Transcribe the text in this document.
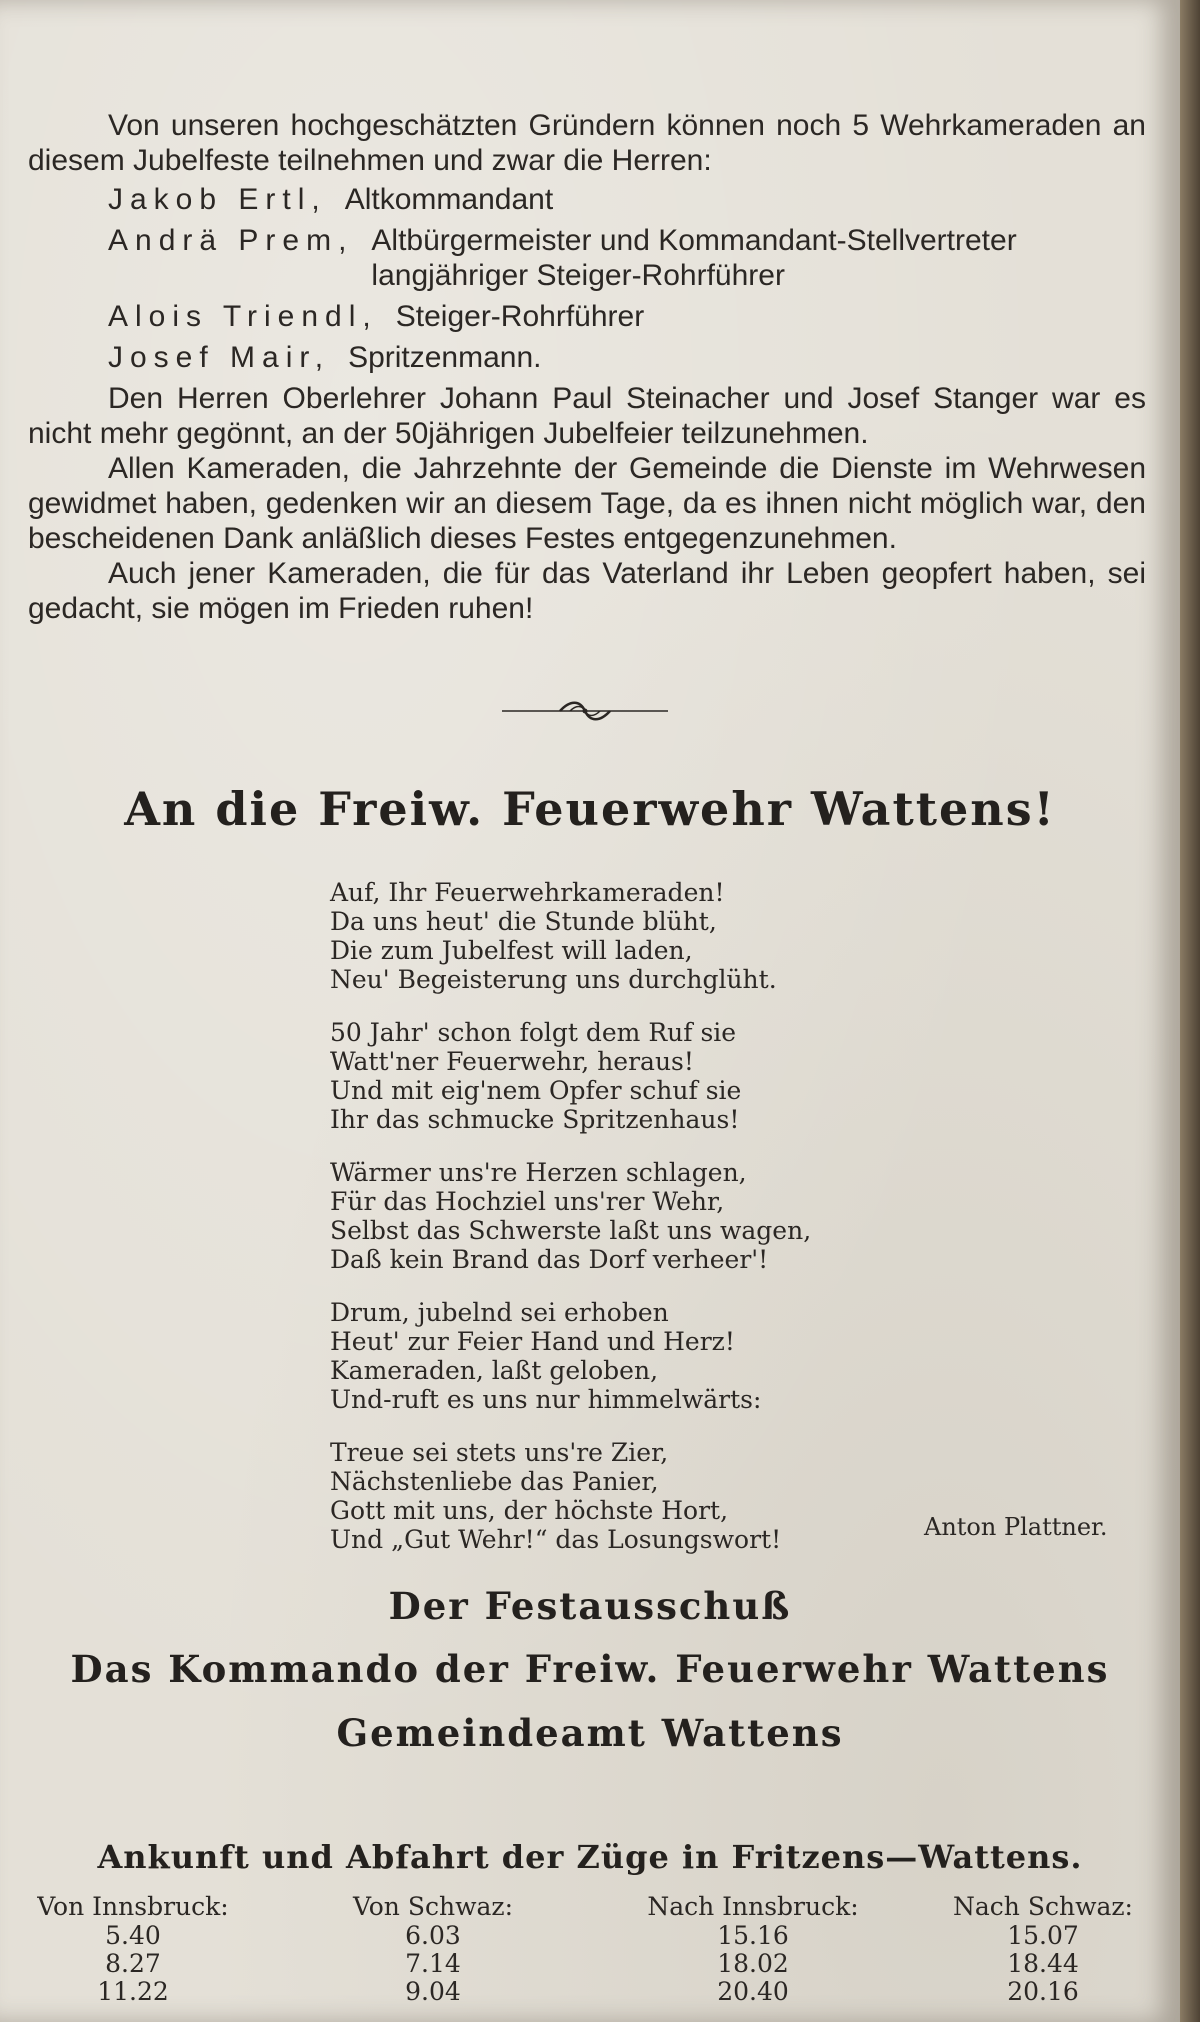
Von unseren hochgeschätzten Gründern können noch 5 Wehrkameraden an diesem Jubelfeste teilnehmen und zwar die Herren:

Jakob Ertl, Altkommandant
Andrä Prem, Altbürgermeister und Kommandant-Stellvertreter langjähriger Steiger-Rohrführer
Alois Triendl, Steiger-Rohrführer
Josef Mair, Spritzenmann.

Den Herren Oberlehrer Johann Paul Steinacher und Josef Stanger war es nicht mehr gegönnt, an der 50jährigen Jubelfeier teilzunehmen.

Allen Kameraden, die Jahrzehnte der Gemeinde die Dienste im Wehrwesen gewidmet haben, gedenken wir an diesem Tage, da es ihnen nicht möglich war, den bescheidenen Dank anläßlich dieses Festes entgegenzunehmen.

Auch jener Kameraden, die für das Vaterland ihr Leben geopfert haben, sei gedacht, sie mögen im Frieden ruhen!

An die Freiw. Feuerwehr Wattens!
Auf, Ihr Feuerwehrkameraden!
Da uns heut' die Stunde blüht,
Die zum Jubelfest will laden,
Neu' Begeisterung uns durchglüht.
50 Jahr' schon folgt dem Ruf sie
Watt'ner Feuerwehr, heraus!
Und mit eig'nem Opfer schuf sie
Ihr das schmucke Spritzenhaus!
Wärmer uns're Herzen schlagen,
Für das Hochziel uns'rer Wehr,
Selbst das Schwerste laßt uns wagen,
Daß kein Brand das Dorf verheer'!
Drum, jubelnd sei erhoben
Heut' zur Feier Hand und Herz!
Kameraden, laßt geloben,
Und-ruft es uns nur himmelwärts:
Treue sei stets uns're Zier,
Nächstenliebe das Panier,
Gott mit uns, der höchste Hort,
Und „Gut Wehr!“ das Losungswort!	Anton Plattner.
Der Festausschuß
Das Kommando der Freiw. Feuerwehr Wattens
Gemeindeamt Wattens
Ankunft und Abfahrt der Züge in Fritzens—Wattens.
Von Innsbruck:
5.40
8.27
11.22
Von Schwaz:
6.03
7.14
9.04
Nach Innsbruck:
15.16
18.02
20.40
Nach Schwaz:
15.07
18.44
20.16
